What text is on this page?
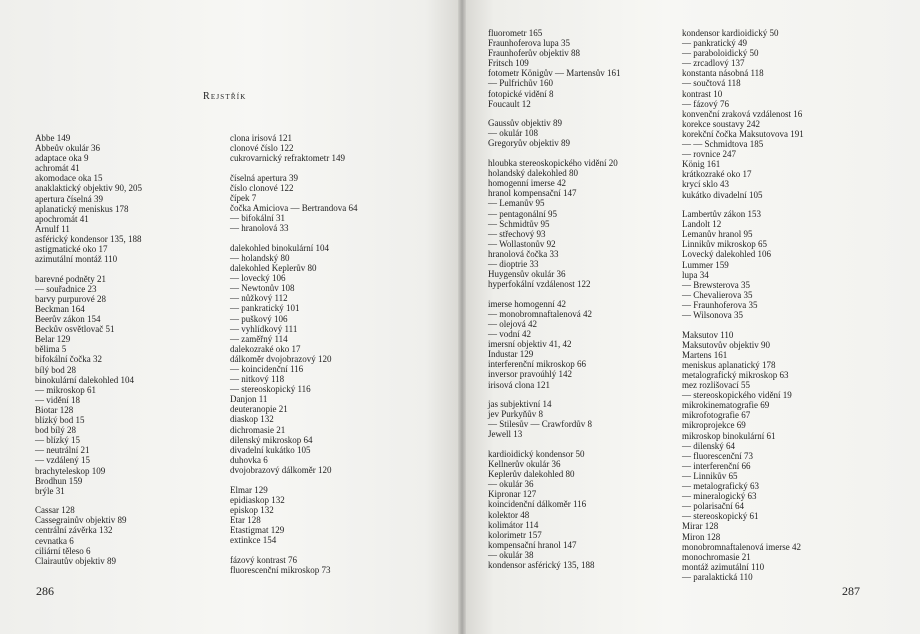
Rejstřík
Abbe 149
Abbeův okulár 36
adaptace oka 9
achromát 41
akomodace oka 15
anaklaktický objektiv 90, 205
apertura číselná 39
aplanatický meniskus 178
apochromát 41
Arnulf 11
asférický kondensor 135, 188
astigmatické oko 17
azimutální montáž 110
barevné podněty 21
— souřadnice 23
barvy purpurové 28
Beckman 164
Beerův zákon 154
Beckův osvětlovač 51
Belar 129
bělima 5
bifokální čočka 32
bílý bod 28
binokulární dalekohled 104
— mikroskop 61
— vidění 18
Biotar 128
blízký bod 15
bod bílý 28
— blízký 15
— neutrální 21
— vzdálený 15
brachyteleskop 109
Brodhun 159
brýle 31
Cassar 128
Cassegrainův objektiv 89
centrální závěrka 132
cevnatka 6
ciliární těleso 6
Clairautův objektiv 89
clona irisová 121
clonové číslo 122
cukrovarnický refraktometr 149
číselná apertura 39
číslo clonové 122
čípek 7
čočka Amiciova — Bertrandova 64
— bifokální 31
— hranolová 33
dalekohled binokulární 104
— holandský 80
dalekohled Keplerův 80
— lovecký 106
— Newtonův 108
— nůžkový 112
— pankratický 101
— puškový 106
— vyhlídkový 111
— zaměřný 114
dalekozraké oko 17
dálkoměr dvojobrazový 120
— koincidenční 116
— nitkový 118
— stereoskopický 116
Danjon 11
deuteranopie 21
diaskop 132
dichromasie 21
dilenský mikroskop 64
divadelní kukátko 105
duhovka 6
dvojobrazový dálkoměr 120
Elmar 129
epidiaskop 132
episkop 132
Etar 128
Etastigmat 129
extinkce 154
fázový kontrast 76
fluorescenční mikroskop 73
286
fluorometr 165
Fraunhoferova lupa 35
Fraunhoferův objektiv 88
Fritsch 109
fotometr Königův — Martensův 161
— Pulfrichův 160
fotopické vidění 8
Foucault 12
Gaussův objektiv 89
— okulár 108
Gregoryův objektiv 89
hloubka stereoskopického vidění 20
holandský dalekohled 80
homogenní imerse 42
hranol kompensační 147
— Lemanův 95
— pentagonální 95
— Schmidtův 95
— střechový 93
— Wollastonův 92
hranolová čočka 33
— dioptrie 33
Huygensův okulár 36
hyperfokální vzdálenost 122
imerse homogenní 42
— monobromnaftalenová 42
— olejová 42
— vodní 42
imersní objektiv 41, 42
Industar 129
interferenční mikroskop 66
inversor pravoúhlý 142
irisová clona 121
jas subjektivní 14
jev Purkyňův 8
— Stilesův — Crawfordův 8
Jewell 13
kardioidický kondensor 50
Kellnerův okulár 36
Keplerův dalekohled 80
— okulár 36
Kipronar 127
koincidenční dálkoměr 116
kolektor 48
kolimátor 114
kolorimetr 157
kompensační hranol 147
— okulár 38
kondensor asférický 135, 188
kondensor kardioidický 50
— pankratický 49
— paraboloidický 50
— zrcadlový 137
konstanta násobná 118
— součtová 118
kontrast 10
— fázový 76
konvenční zraková vzdálenost 16
korekce soustavy 242
korekční čočka Maksutovova 191
— — Schmidtova 185
— rovnice 247
König 161
krátkozraké oko 17
krycí sklo 43
kukátko divadelní 105
Lambertův zákon 153
Landolt 12
Lemanův hranol 95
Linnikův mikroskop 65
Lovecký dalekohled 106
Lummer 159
lupa 34
— Brewsterova 35
— Chevalierova 35
— Fraunhoferova 35
— Wilsonova 35
Maksutov 110
Maksutovův objektiv 90
Martens 161
meniskus aplanatický 178
metalografický mikroskop 63
mez rozlišovací 55
— stereoskopického vidění 19
mikrokinematografie 69
mikrofotografie 67
mikroprojekce 69
mikroskop binokulární 61
— dilenský 64
— fluorescenční 73
— interferenční 66
— Linnikův 65
— metalografický 63
— mineralogický 63
— polarisační 64
— stereoskopický 61
Mirar 128
Miron 128
monobromnaftalenová imerse 42
monochromasie 21
montáž azimutální 110
— paralaktická 110
287
